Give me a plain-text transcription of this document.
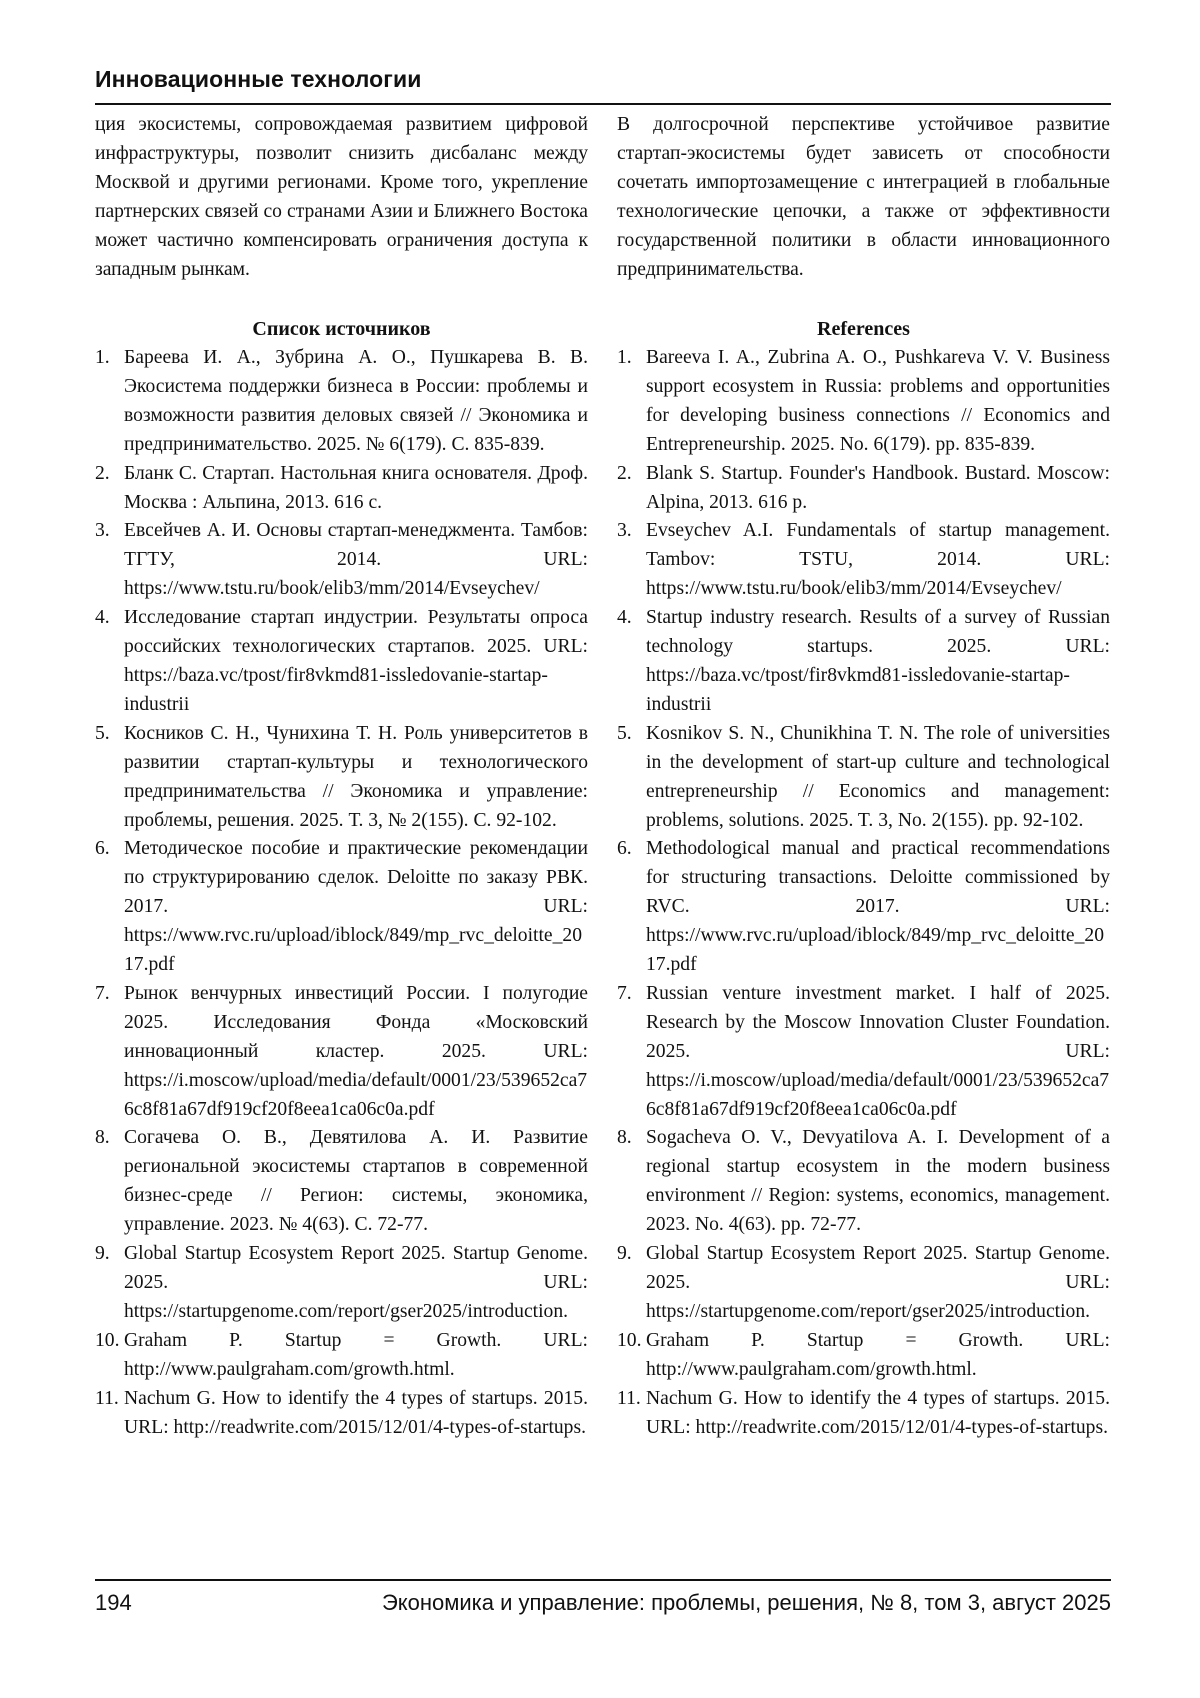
Инновационные технологии

ция экосистемы, сопровождаемая развитием цифровой инфраструктуры, позволит снизить дисбаланс между Москвой и другими регионами. Кроме того, укрепление партнерских связей со странами Азии и Ближнего Востока может частично компенсировать ограничения доступа к западным рынкам.

В долгосрочной перспективе устойчивое развитие стартап-экосистемы будет зависеть от способности сочетать импортозамещение с интеграцией в глобальные технологические цепочки, а также от эффективности государственной политики в области инновационного предпринимательства.

Список источников
1. Бареева И. А., Зубрина А. О., Пушкарева В. В. Экосистема поддержки бизнеса в России: проблемы и возможности развития деловых связей // Экономика и предпринимательство. 2025. № 6(179). С. 835-839.
2. Бланк С. Стартап. Настольная книга основателя. Дроф. Москва : Альпина, 2013. 616 с.
3. Евсейчев А. И. Основы стартап-менеджмента. Тамбов: ТГТУ, 2014. URL: https://www.tstu.ru/book/elib3/mm/2014/Evseychev/
4. Исследование стартап индустрии. Результаты опроса российских технологических стартапов. 2025. URL: https://baza.vc/tpost/fir8vkmd81-issledovanie-startap-industrii
5. Косников С. Н., Чунихина Т. Н. Роль университетов в развитии стартап-культуры и технологического предпринимательства // Экономика и управление: проблемы, решения. 2025. Т. 3, № 2(155). С. 92-102.
6. Методическое пособие и практические рекомендации по структурированию сделок. Deloitte по заказу РВК. 2017. URL: https://www.rvc.ru/upload/iblock/849/mp_rvc_deloitte_2017.pdf
7. Рынок венчурных инвестиций России. I полугодие 2025. Исследования Фонда «Московский инновационный кластер. 2025. URL: https://i.moscow/upload/media/default/0001/23/539652ca76c8f81a67df919cf20f8eea1ca06c0a.pdf
8. Согачева О. В., Девятилова А. И. Развитие региональной экосистемы стартапов в современной бизнес-среде // Регион: системы, экономика, управление. 2023. № 4(63). С. 72-77.
9. Global Startup Ecosystem Report 2025. Startup Genome. 2025. URL: https://startupgenome.com/report/gser2025/introduction.
10. Graham P. Startup = Growth. URL: http://www.paulgraham.com/growth.html.
11. Nachum G. How to identify the 4 types of startups. 2015. URL: http://readwrite.com/2015/12/01/4-types-of-startups.
References
1. Bareeva I. A., Zubrina A. O., Pushkareva V. V. Business support ecosystem in Russia: problems and opportunities for developing business connections // Economics and Entrepreneurship. 2025. No. 6(179). pp. 835-839.
2. Blank S. Startup. Founder's Handbook. Bustard. Moscow: Alpina, 2013. 616 p.
3. Evseychev A.I. Fundamentals of startup management. Tambov: TSTU, 2014. URL: https://www.tstu.ru/book/elib3/mm/2014/Evseychev/
4. Startup industry research. Results of a survey of Russian technology startups. 2025. URL: https://baza.vc/tpost/fir8vkmd81-issledovanie-startap-industrii
5. Kosnikov S. N., Chunikhina T. N. The role of universities in the development of start-up culture and technological entrepreneurship // Economics and management: problems, solutions. 2025. T. 3, No. 2(155). pp. 92-102.
6. Methodological manual and practical recommendations for structuring transactions. Deloitte commissioned by RVC. 2017. URL: https://www.rvc.ru/upload/iblock/849/mp_rvc_deloitte_2017.pdf
7. Russian venture investment market. I half of 2025. Research by the Moscow Innovation Cluster Foundation. 2025. URL: https://i.moscow/upload/media/default/0001/23/539652ca76c8f81a67df919cf20f8eea1ca06c0a.pdf
8. Sogacheva O. V., Devyatilova A. I. Development of a regional startup ecosystem in the modern business environment // Region: systems, economics, management. 2023. No. 4(63). pp. 72-77.
9. Global Startup Ecosystem Report 2025. Startup Genome. 2025. URL: https://startupgenome.com/report/gser2025/introduction.
10. Graham P. Startup = Growth. URL: http://www.paulgraham.com/growth.html.
11. Nachum G. How to identify the 4 types of startups. 2015. URL: http://readwrite.com/2015/12/01/4-types-of-startups.
194	Экономика и управление: проблемы, решения, № 8, том 3, август 2025
